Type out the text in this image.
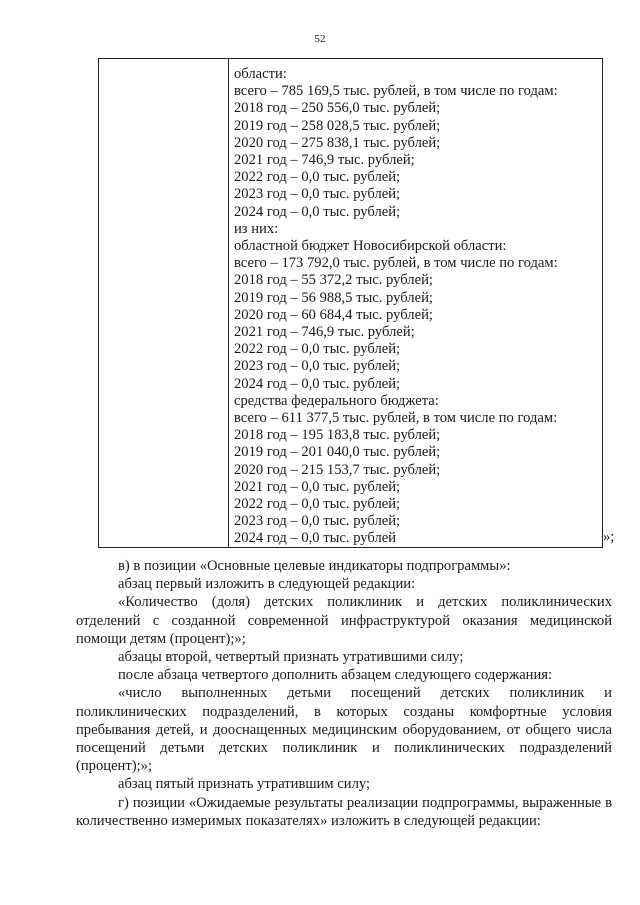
52
области:
всего – 785 169,5 тыс. рублей, в том числе по годам:
2018 год – 250 556,0 тыс. рублей;
2019 год – 258 028,5 тыс. рублей;
2020 год – 275 838,1 тыс. рублей;
2021 год – 746,9 тыс. рублей;
2022 год – 0,0 тыс. рублей;
2023 год – 0,0 тыс. рублей;
2024 год – 0,0 тыс. рублей;
из них:
областной бюджет Новосибирской области:
всего – 173 792,0 тыс. рублей, в том числе по годам:
2018 год – 55 372,2 тыс. рублей;
2019 год – 56 988,5 тыс. рублей;
2020 год – 60 684,4 тыс. рублей;
2021 год – 746,9 тыс. рублей;
2022 год – 0,0 тыс. рублей;
2023 год – 0,0 тыс. рублей;
2024 год – 0,0 тыс. рублей;
средства федерального бюджета:
всего – 611 377,5 тыс. рублей, в том числе по годам:
2018 год – 195 183,8 тыс. рублей;
2019 год – 201 040,0 тыс. рублей;
2020 год – 215 153,7 тыс. рублей;
2021 год – 0,0 тыс. рублей;
2022 год – 0,0 тыс. рублей;
2023 год – 0,0 тыс. рублей;
2024 год – 0,0 тыс. рублей	»;

в) в позиции «Основные целевые индикаторы подпрограммы»:

абзац первый изложить в следующей редакции:

«Количество (доля) детских поликлиник и детских поликлинических отделений с созданной современной инфраструктурой оказания медицинской помощи детям (процент);»;

абзацы второй, четвертый признать утратившими силу;

после абзаца четвертого дополнить абзацем следующего содержания:

«число выполненных детьми посещений детских поликлиник и поликлинических подразделений, в которых созданы комфортные условия пребывания детей, и дооснащенных медицинским оборудованием, от общего числа посещений детьми детских поликлиник и поликлинических подразделений (процент);»;

абзац пятый признать утратившим силу;

г) позиции «Ожидаемые результаты реализации подпрограммы, выраженные в количественно измеримых показателях» изложить в следующей редакции:
